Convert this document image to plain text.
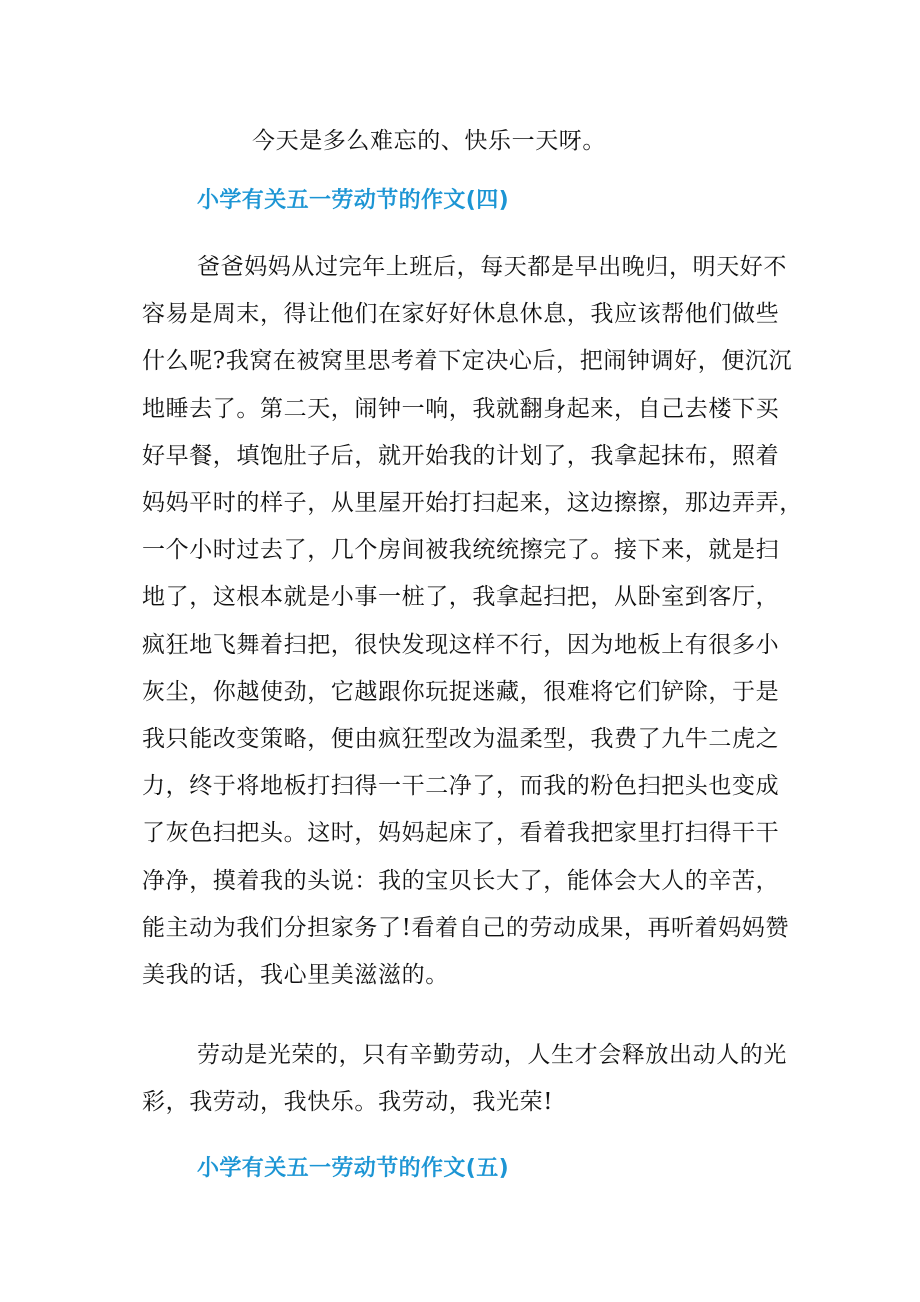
今天是多么难忘的、快乐一天呀。

小学有关五一劳动节的作文(四)

爸爸妈妈从过完年上班后，每天都是早出晚归，明天好不
容易是周末，得让他们在家好好休息休息，我应该帮他们做些
什么呢?我窝在被窝里思考着下定决心后，把闹钟调好，便沉沉
地睡去了。第二天，闹钟一响，我就翻身起来，自己去楼下买
好早餐，填饱肚子后，就开始我的计划了，我拿起抹布，照着
妈妈平时的样子，从里屋开始打扫起来，这边擦擦，那边弄弄，
一个小时过去了，几个房间被我统统擦完了。接下来，就是扫
地了，这根本就是小事一桩了，我拿起扫把，从卧室到客厅，
疯狂地飞舞着扫把，很快发现这样不行，因为地板上有很多小
灰尘，你越使劲，它越跟你玩捉迷藏，很难将它们铲除，于是
我只能改变策略，便由疯狂型改为温柔型，我费了九牛二虎之
力，终于将地板打扫得一干二净了，而我的粉色扫把头也变成
了灰色扫把头。这时，妈妈起床了，看着我把家里打扫得干干
净净，摸着我的头说：我的宝贝长大了，能体会大人的辛苦，
能主动为我们分担家务了!看着自己的劳动成果，再听着妈妈赞
美我的话，我心里美滋滋的。

劳动是光荣的，只有辛勤劳动，人生才会释放出动人的光
彩，我劳动，我快乐。我劳动，我光荣!

小学有关五一劳动节的作文(五)
